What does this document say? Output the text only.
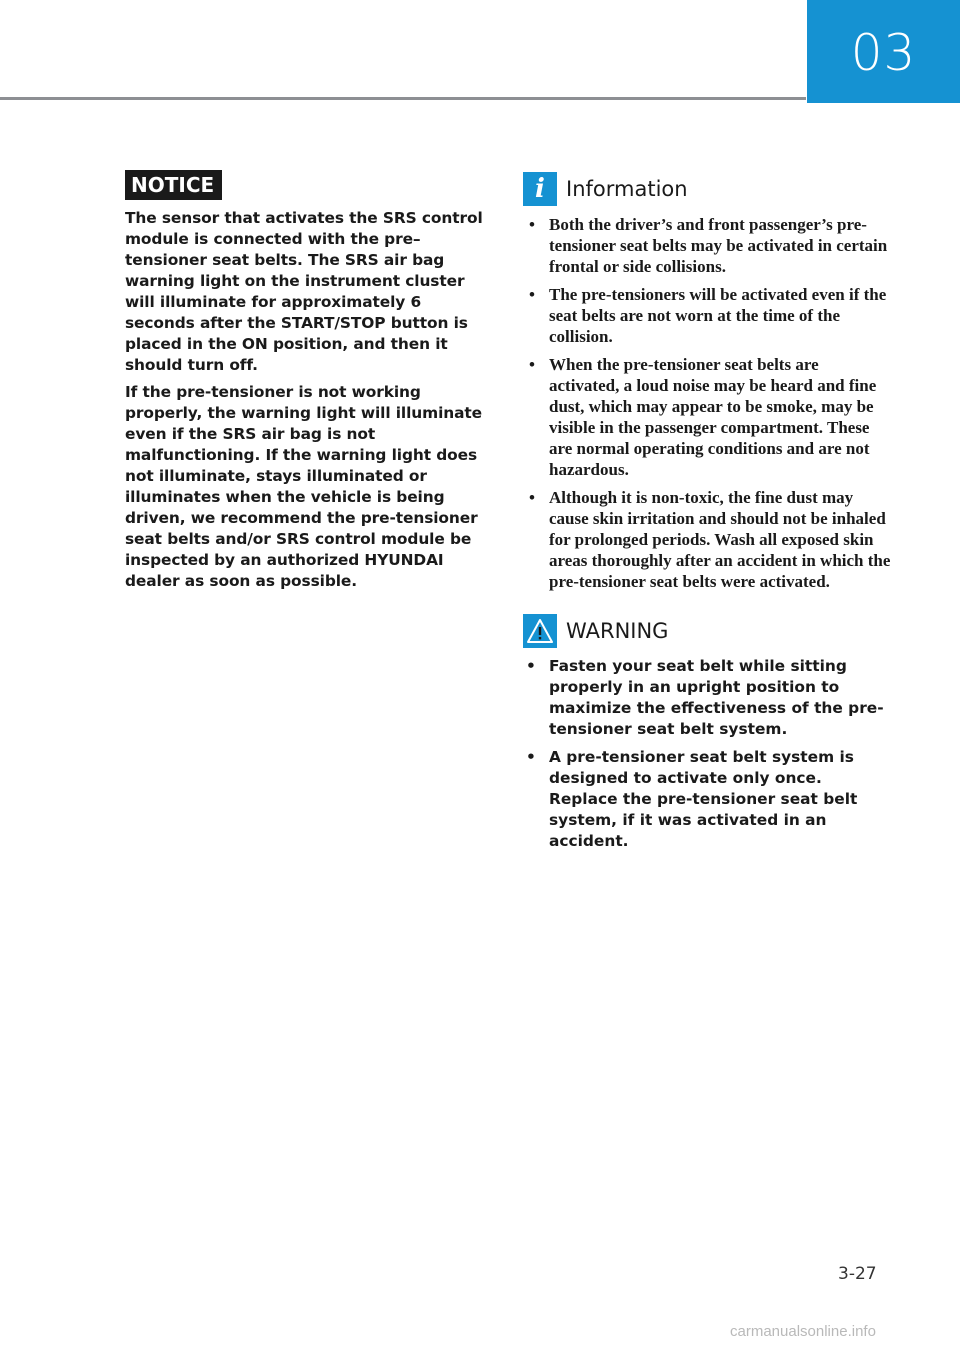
03
NOTICE

The sensor that activates the SRS control module is connected with the pre–tensioner seat belts. The SRS air bag warning light on the instrument cluster will illuminate for approximately 6 seconds after the START/STOP button is placed in the ON position, and then it should turn off.

If the pre-tensioner is not working properly, the warning light will illuminate even if the SRS air bag is not malfunctioning. If the warning light does not illuminate, stays illuminated or illuminates when the vehicle is being driven, we recommend the pre-tensioner seat belts and/or SRS control module be inspected by an authorized HYUNDAI dealer as soon as possible.

i	Information
• Both the driver’s and front passenger’s pre-tensioner seat belts may be activated in certain frontal or side collisions.
• The pre-tensioners will be activated even if the seat belts are not worn at the time of the collision.
• When the pre-tensioner seat belts are activated, a loud noise may be heard and fine dust, which may appear to be smoke, may be visible in the passenger compartment. These are normal operating conditions and are not hazardous.
• Although it is non-toxic, the fine dust may cause skin irritation and should not be inhaled for prolonged periods. Wash all exposed skin areas thoroughly after an accident in which the pre-tensioner seat belts were activated.
WARNING
• Fasten your seat belt while sitting properly in an upright position to maximize the effectiveness of the pre-tensioner seat belt system.
• A pre-tensioner seat belt system is designed to activate only once. Replace the pre-tensioner seat belt system, if it was activated in an accident.
3-27
carmanualsonline.info
